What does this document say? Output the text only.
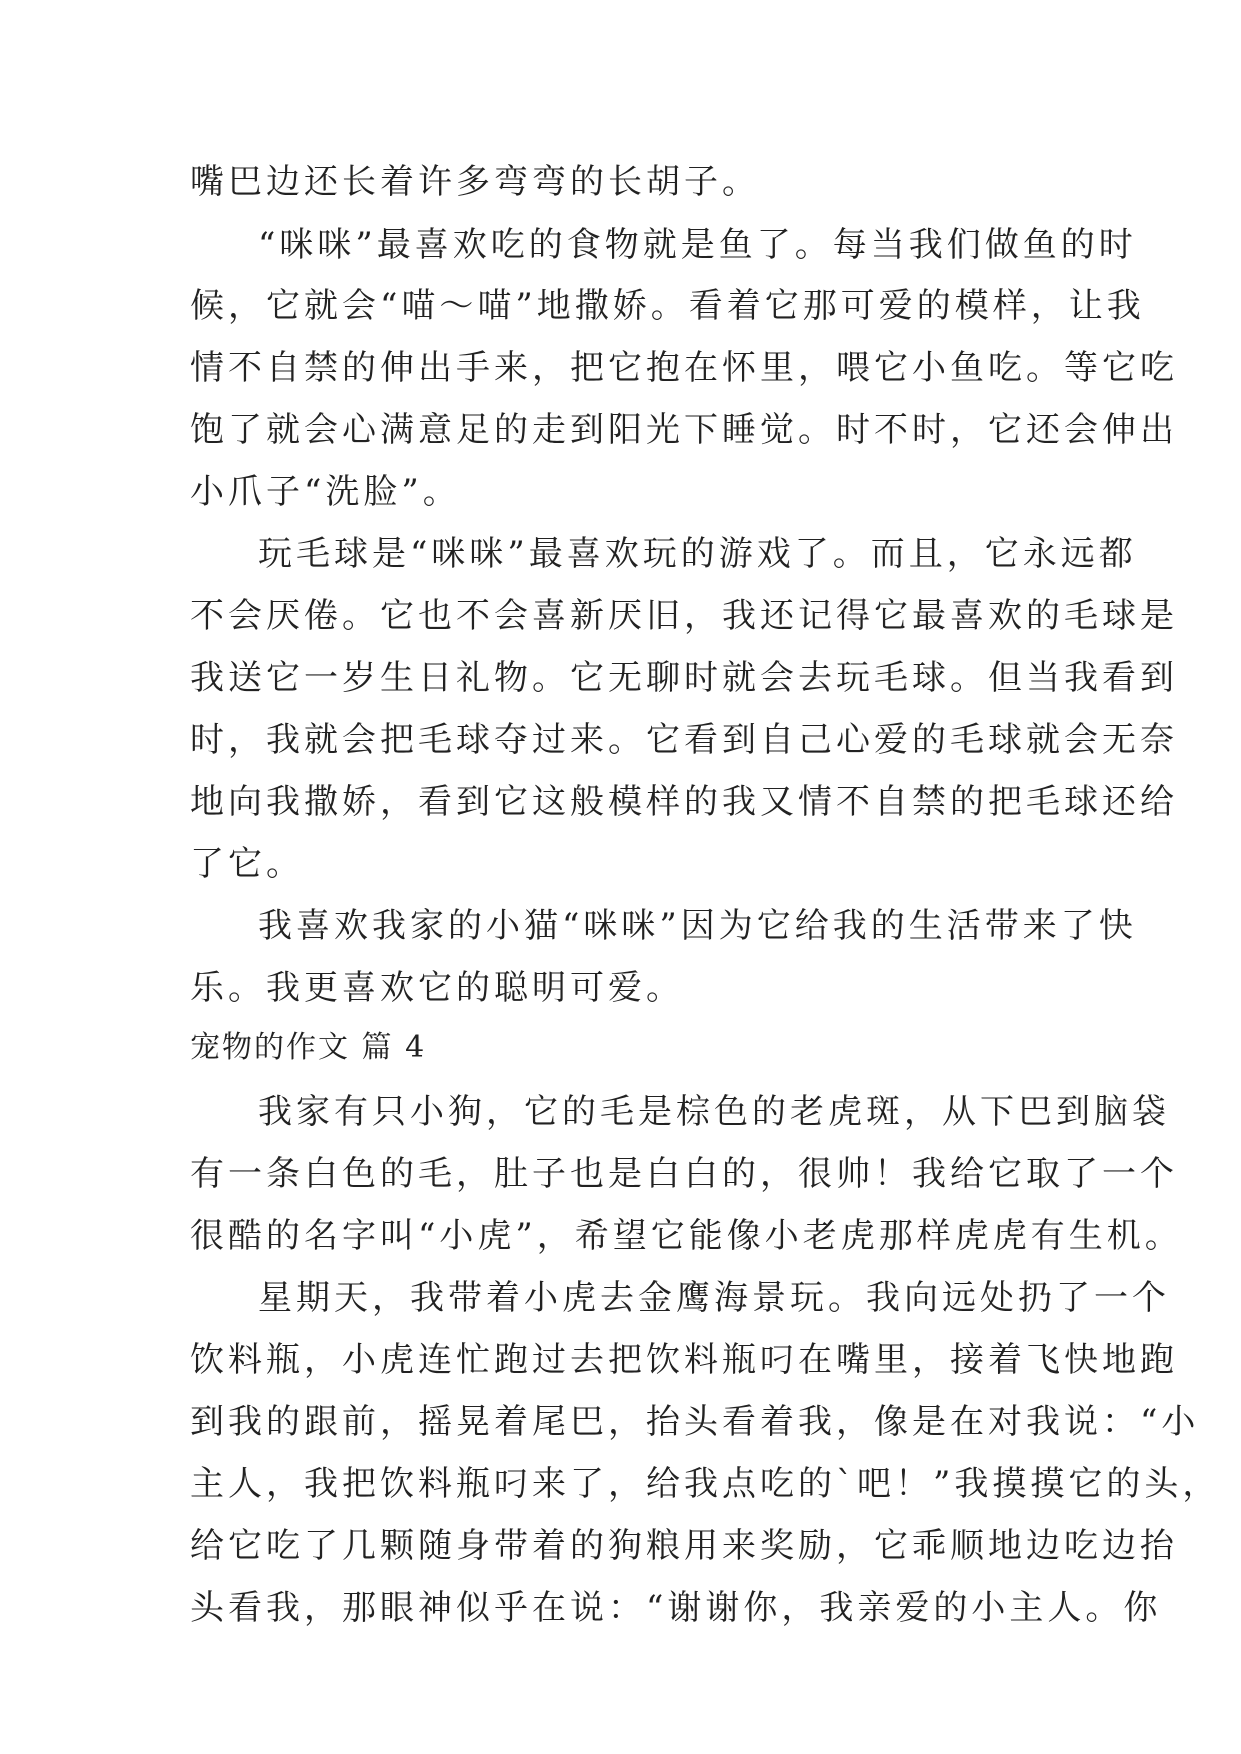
嘴巴边还长着许多弯弯的长胡子。
“咪咪”最喜欢吃的食物就是鱼了。每当我们做鱼的时
候，它就会“喵～喵”地撒娇。看着它那可爱的模样，让我
情不自禁的伸出手来，把它抱在怀里，喂它小鱼吃。等它吃
饱了就会心满意足的走到阳光下睡觉。时不时，它还会伸出
小爪子“洗脸”。
玩毛球是“咪咪”最喜欢玩的游戏了。而且，它永远都
不会厌倦。它也不会喜新厌旧，我还记得它最喜欢的毛球是
我送它一岁生日礼物。它无聊时就会去玩毛球。但当我看到
时，我就会把毛球夺过来。它看到自己心爱的毛球就会无奈
地向我撒娇，看到它这般模样的我又情不自禁的把毛球还给
了它。
我喜欢我家的小猫“咪咪”因为它给我的生活带来了快
乐。我更喜欢它的聪明可爱。
宠物的作文 篇 4
我家有只小狗，它的毛是棕色的老虎斑，从下巴到脑袋
有一条白色的毛，肚子也是白白的，很帅！我给它取了一个
很酷的名字叫“小虎”，希望它能像小老虎那样虎虎有生机。
星期天，我带着小虎去金鹰海景玩。我向远处扔了一个
饮料瓶，小虎连忙跑过去把饮料瓶叼在嘴里，接着飞快地跑
到我的跟前，摇晃着尾巴，抬头看着我，像是在对我说：“小
主人，我把饮料瓶叼来了，给我点吃的`吧！”我摸摸它的头，
给它吃了几颗随身带着的狗粮用来奖励，它乖顺地边吃边抬
头看我，那眼神似乎在说：“谢谢你，我亲爱的小主人。你
